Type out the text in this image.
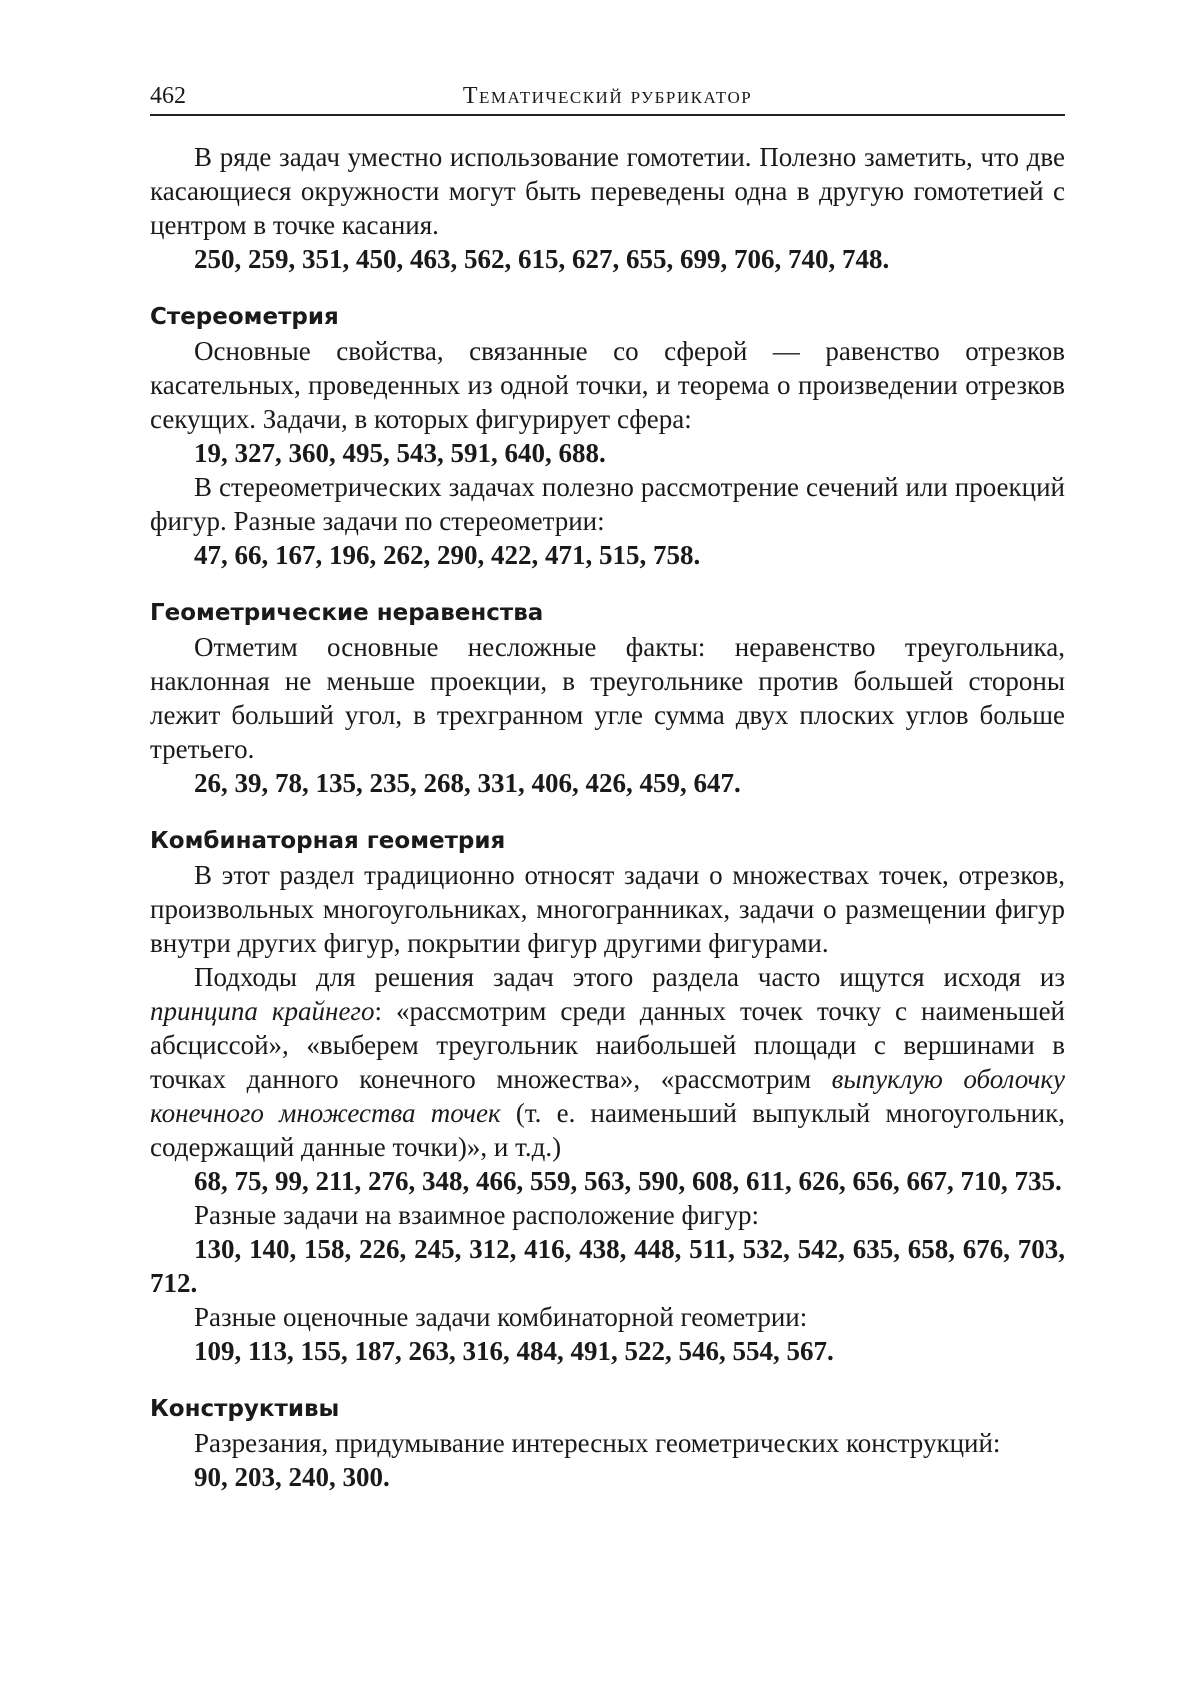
462	Тематический рубрикатор

В ряде задач уместно использование гомотетии. Полезно заметить, что две касающиеся окружности могут быть переведены одна в другую гомотетией с центром в точке касания.

250, 259, 351, 450, 463, 562, 615, 627, 655, 699, 706, 740, 748.

Стереометрия

Основные свойства, связанные со сферой — равенство отрезков касательных, проведенных из одной точки, и теорема о произведении отрезков секущих. Задачи, в которых фигурирует сфера:

19, 327, 360, 495, 543, 591, 640, 688.

В стереометрических задачах полезно рассмотрение сечений или проекций фигур. Разные задачи по стереометрии:

47, 66, 167, 196, 262, 290, 422, 471, 515, 758.

Геометрические неравенства

Отметим основные несложные факты: неравенство треугольника, наклонная не меньше проекции, в треугольнике против большей стороны лежит больший угол, в трехгранном угле сумма двух плоских углов больше третьего.

26, 39, 78, 135, 235, 268, 331, 406, 426, 459, 647.

Комбинаторная геометрия

В этот раздел традиционно относят задачи о множествах точек, отрезков, произвольных многоугольниках, многогранниках, задачи о размещении фигур внутри других фигур, покрытии фигур другими фигурами.

Подходы для решения задач этого раздела часто ищутся исходя из принципа крайнего: «рассмотрим среди данных точек точку с наименьшей абсциссой», «выберем треугольник наибольшей площади с вершинами в точках данного конечного множества», «рассмотрим выпуклую оболочку конечного множества точек (т. е. наименьший выпуклый многоугольник, содержащий данные точки)», и т.д.)

68, 75, 99, 211, 276, 348, 466, 559, 563, 590, 608, 611, 626, 656, 667, 710, 735.

Разные задачи на взаимное расположение фигур:

130, 140, 158, 226, 245, 312, 416, 438, 448, 511, 532, 542, 635, 658, 676, 703, 712.

Разные оценочные задачи комбинаторной геометрии:

109, 113, 155, 187, 263, 316, 484, 491, 522, 546, 554, 567.

Конструктивы

Разрезания, придумывание интересных геометрических конструкций:

90, 203, 240, 300.
